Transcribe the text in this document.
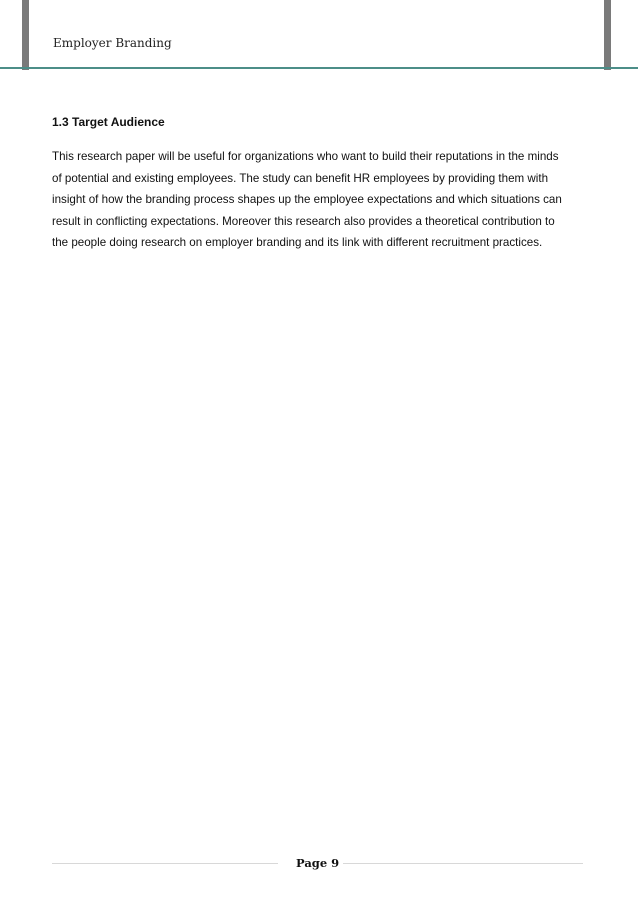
Employer Branding
1.3 Target Audience
This research paper will be useful for organizations who want to build their reputations in the minds
of potential and existing employees. The study can benefit HR employees by providing them with
insight of how the branding process shapes up the employee expectations and which situations can
result in conflicting expectations. Moreover this research also provides a theoretical contribution to
the people doing research on employer branding and its link with different recruitment practices.
Page 9
